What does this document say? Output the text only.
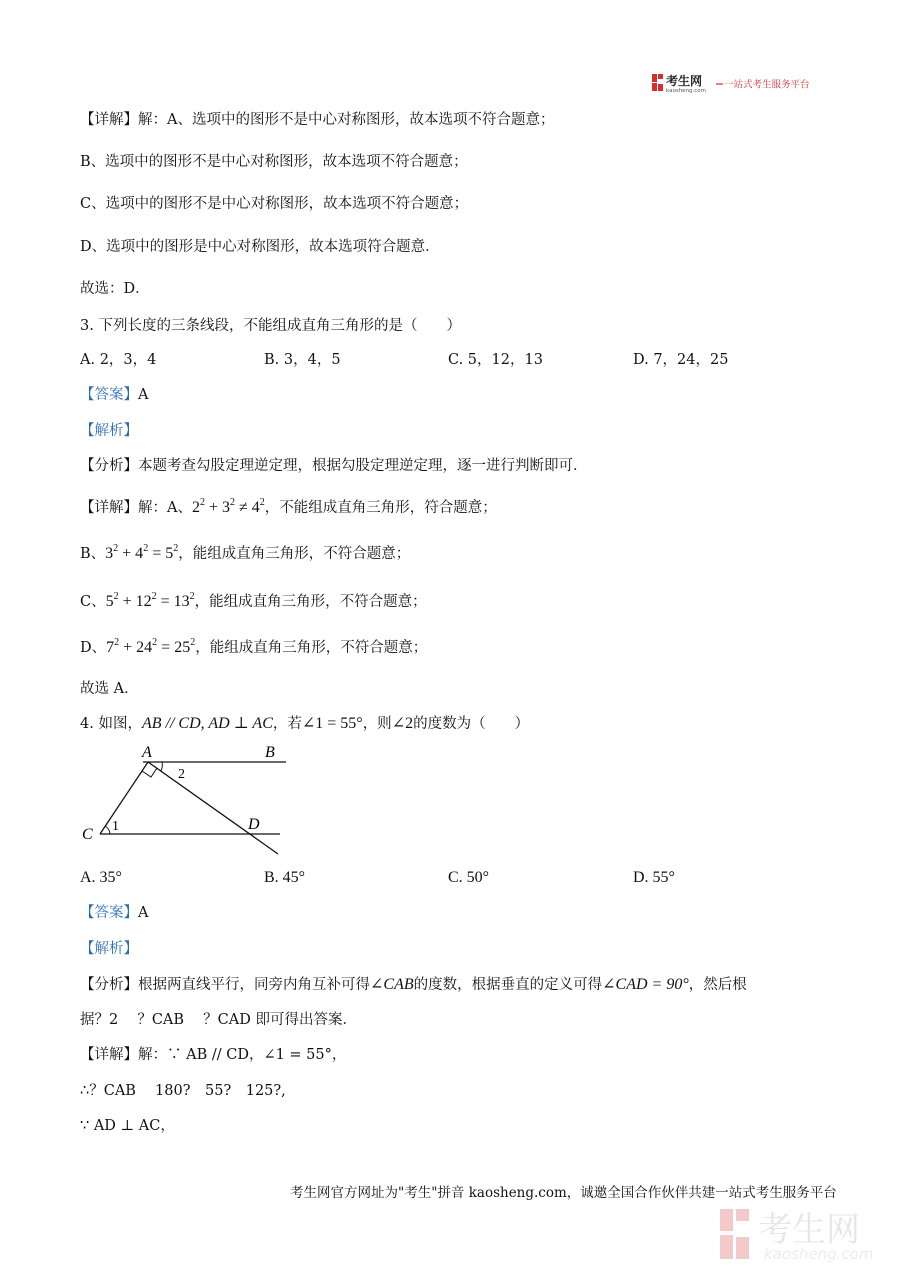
考生网
kaosheng.com
一站式考生服务平台
【详解】解：A、选项中的图形不是中心对称图形，故本选项不符合题意；
B、选项中的图形不是中心对称图形，故本选项不符合题意；
C、选项中的图形不是中心对称图形，故本选项不符合题意；
D、选项中的图形是中心对称图形，故本选项符合题意．
故选：D．
3. 下列长度的三条线段，不能组成直角三角形的是（　　）
A. 2，3，4	B. 3，4，5	C. 5，12，13	D. 7，24，25
【答案】A
【解析】
【分析】本题考查勾股定理逆定理，根据勾股定理逆定理，逐一进行判断即可．
【详解】解：A、$2^2 + 3^2 \ne 4^2$，不能组成直角三角形，符合题意；
B、$3^2 + 4^2 = 5^2$，能组成直角三角形，不符合题意；
C、$5^2 + 12^2 = 13^2$，能组成直角三角形，不符合题意；
D、$7^2 + 24^2 = 25^2$，能组成直角三角形，不符合题意；
故选 A．
4. 如图，AB // CD, AD ⊥ AC，若∠1 = 55°，则∠2的度数为（　　）
A	B
C
D
1
2
A. 35°	B. 45°	C. 50°	D. 55°
【答案】A
【解析】
【分析】根据两直线平行，同旁内角互补可得∠CAB的度数，根据垂直的定义可得∠CAD = 90°，然后根
据？2　 ？CAB　 ？CAD 即可得出答案．
【详解】解：∵ AB // CD，∠1 = 55°，
∴？CAB　 180?　55?　125?,
∵ AD ⊥ AC，
考生网官方网址为"考生"拼音 kaosheng.com，诚邀全国合作伙伴共建一站式考生服务平台
考生网
kaosheng.com
